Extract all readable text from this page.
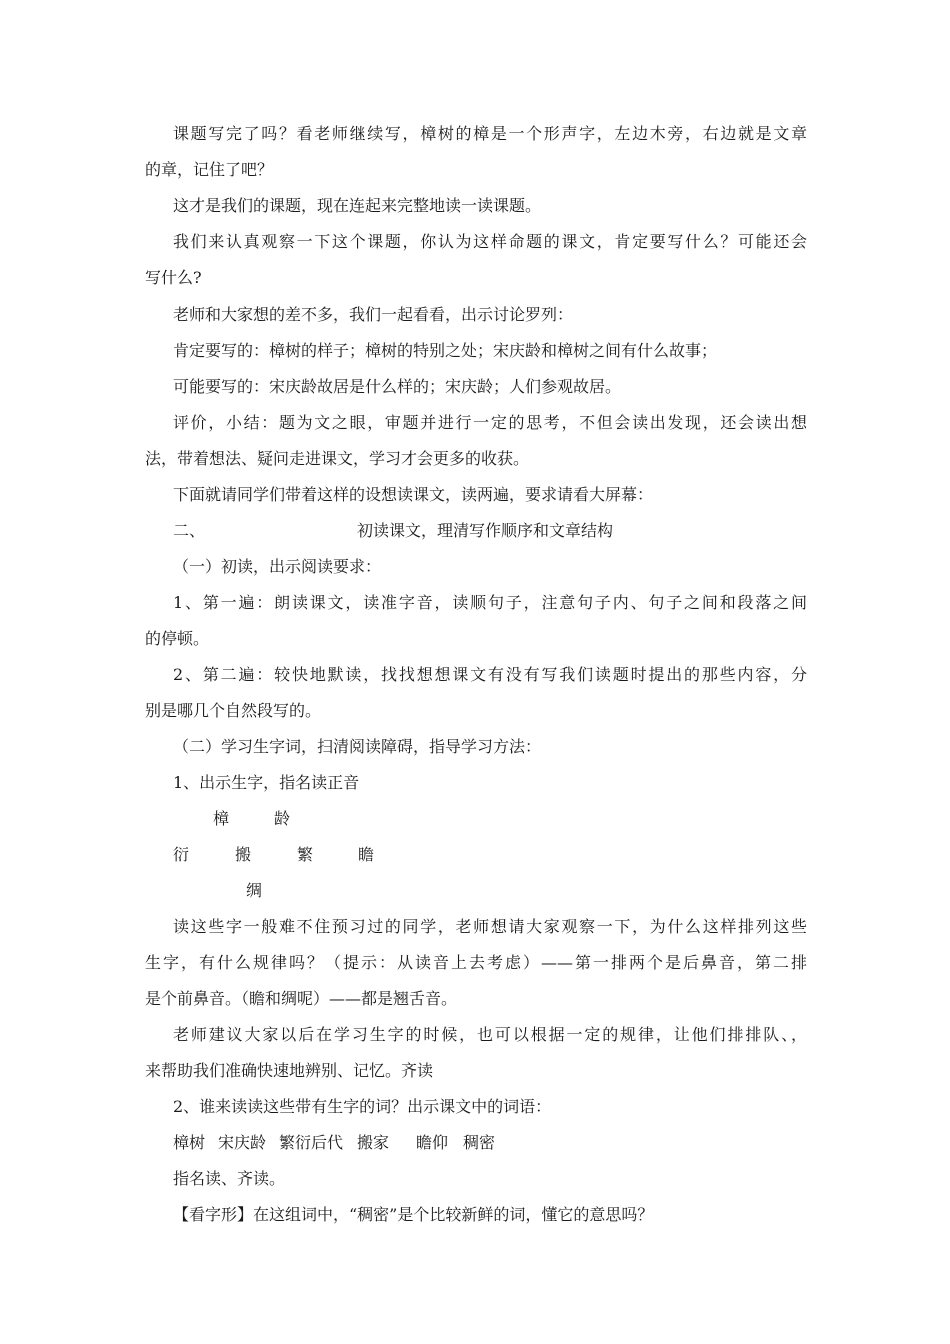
课题写完了吗？看老师继续写，樟树的樟是一个形声字，左边木旁，右边就是文章
的章，记住了吧？
这才是我们的课题，现在连起来完整地读一读课题。
我们来认真观察一下这个课题，你认为这样命题的课文，肯定要写什么？可能还会
写什么?
老师和大家想的差不多，我们一起看看，出示讨论罗列：
肯定要写的：樟树的样子；樟树的特别之处；宋庆龄和樟树之间有什么故事；
可能要写的：宋庆龄故居是什么样的；宋庆龄；人们参观故居。
评价，小结：题为文之眼，审题并进行一定的思考，不但会读出发现，还会读出想
法，带着想法、疑问走进课文，学习才会更多的收获。
下面就请同学们带着这样的设想读课文，读两遍，要求请看大屏幕：
二、	初读课文，理清写作顺序和文章结构
（一）初读，出示阅读要求：
1、第一遍：朗读课文，读准字音，读顺句子，注意句子内、句子之间和段落之间
的停顿。
2、第二遍：较快地默读，找找想想课文有没有写我们读题时提出的那些内容，分
别是哪几个自然段写的。
（二）学习生字词，扫清阅读障碍，指导学习方法：
1、出示生字，指名读正音
樟	龄
衍	搬	繁	瞻
绸
读这些字一般难不住预习过的同学，老师想请大家观察一下，为什么这样排列这些
生字，有什么规律吗？（提示：从读音上去考虑）——第一排两个是后鼻音，第二排
是个前鼻音。（瞻和绸呢）——都是翘舌音。
老师建议大家以后在学习生字的时候，也可以根据一定的规律，让他们排排队、，
来帮助我们准确快速地辨别、记忆。齐读
2、谁来读读这些带有生字的词？出示课文中的词语：
樟树 宋庆龄 繁衍后代 搬家 瞻仰 稠密
指名读、齐读。
【看字形】在这组词中，“稠密”是个比较新鲜的词，懂它的意思吗？
